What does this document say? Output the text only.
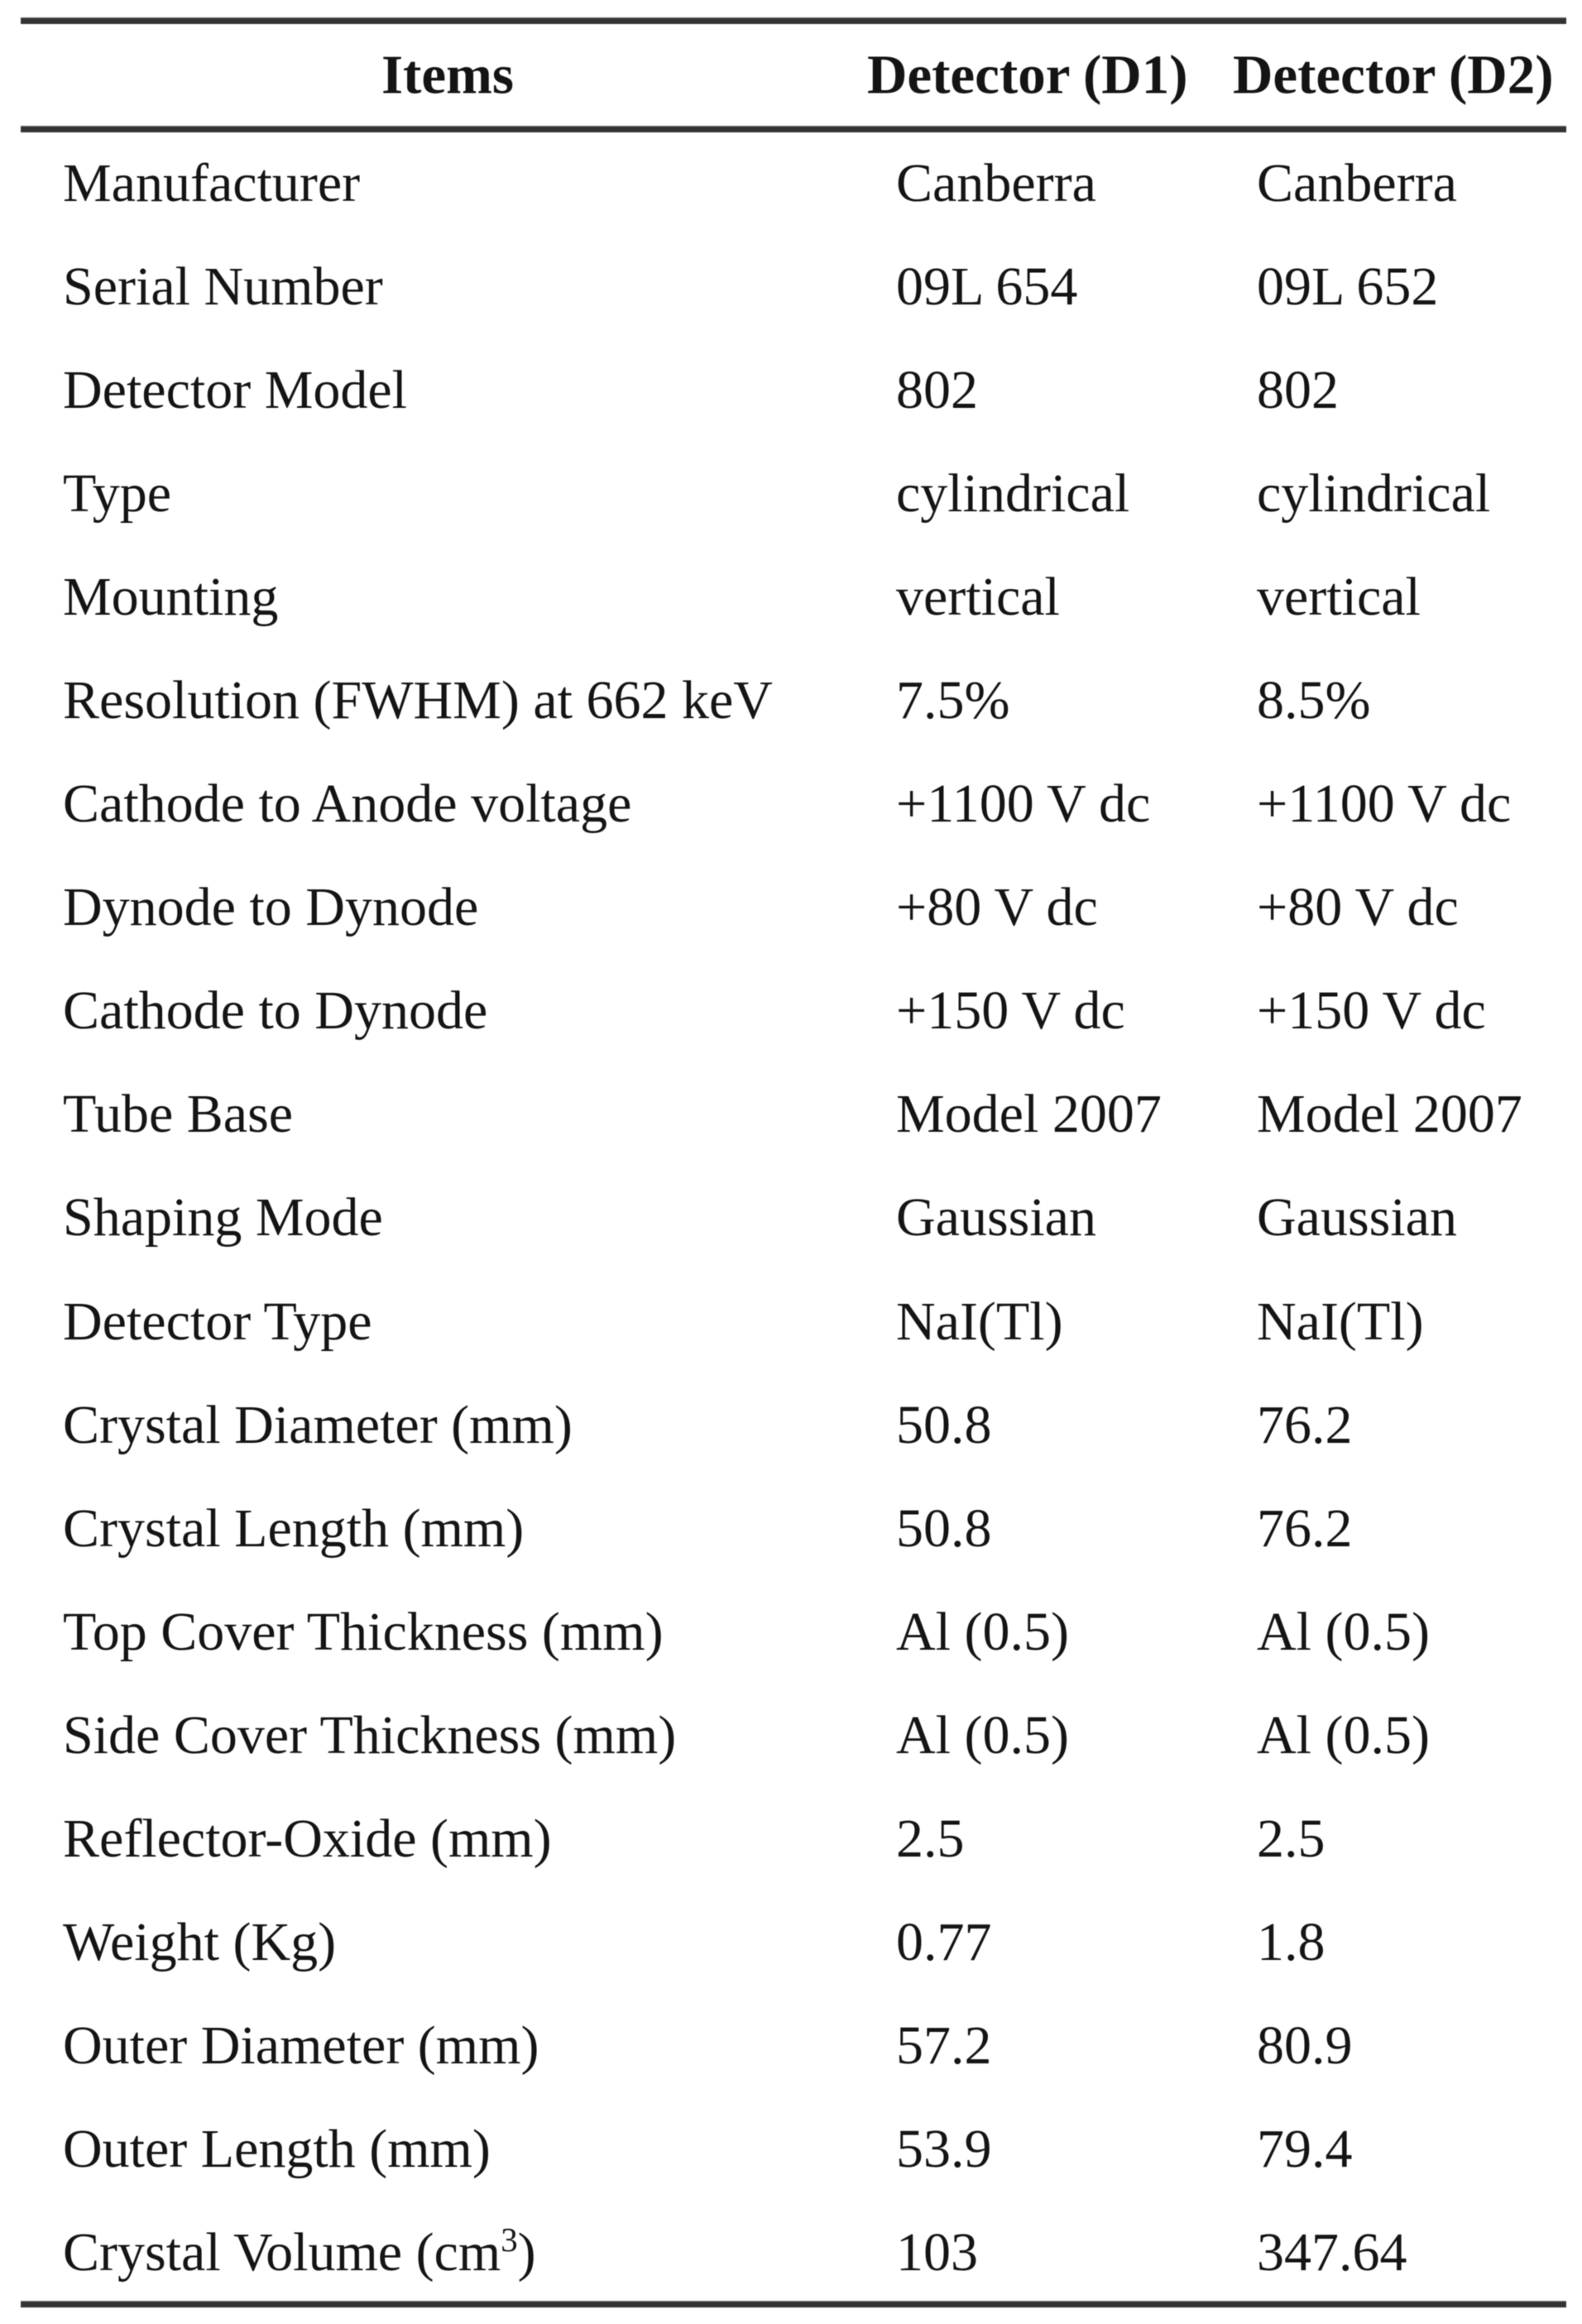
Items	Detector (D1) Detector (D2)
Manufacturer	Canberra	Canberra
Serial Number	09L 654	09L 652
Detector Model	802	802
Type	cylindrical	cylindrical
Mounting	vertical	vertical
Resolution (FWHM) at 662 keV	7.5%	8.5%
Cathode to Anode voltage	+1100 V dc	+1100 V dc
Dynode to Dynode	+80 V dc	+80 V dc
Cathode to Dynode	+150 V dc	+150 V dc
Tube Base	Model 2007	Model 2007
Shaping Mode	Gaussian	Gaussian
Detector Type	NaI(Tl)	NaI(Tl)
Crystal Diameter (mm)	50.8	76.2
Crystal Length (mm)	50.8	76.2
Top Cover Thickness (mm)	Al (0.5)	Al (0.5)
Side Cover Thickness (mm)	Al (0.5)	Al (0.5)
Reflector-Oxide (mm)	2.5	2.5
Weight (Kg)	0.77	1.8
Outer Diameter (mm)	57.2	80.9
Outer Length (mm)	53.9	79.4
Crystal Volume $(cm^3)$	103	347.64
